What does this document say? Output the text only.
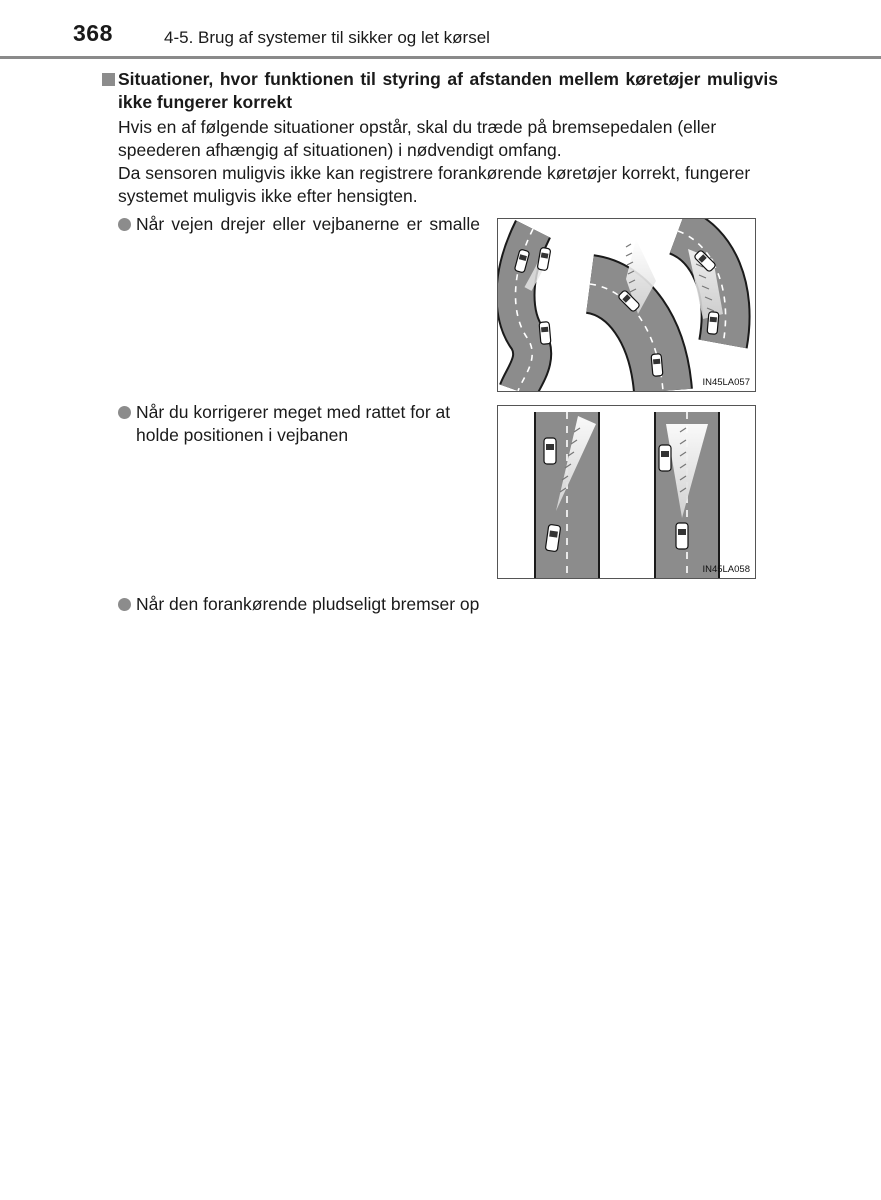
368	4-5. Brug af systemer til sikker og let kørsel
Situationer, hvor funktionen til styring af afstanden mellem køretøjer muligvis ikke fungerer korrekt
Hvis en af følgende situationer opstår, skal du træde på bremsepedalen (eller speederen afhængig af situationen) i nødvendigt omfang.
Da sensoren muligvis ikke kan registrere forankørende køretøjer korrekt, fungerer systemet muligvis ikke efter hensigten.
Når vejen drejer eller vejbanerne er smalle
IN45LA057
Når du korrigerer meget med rattet for at holde positionen i vejbanen
IN45LA058
Når den forankørende pludseligt bremser op
